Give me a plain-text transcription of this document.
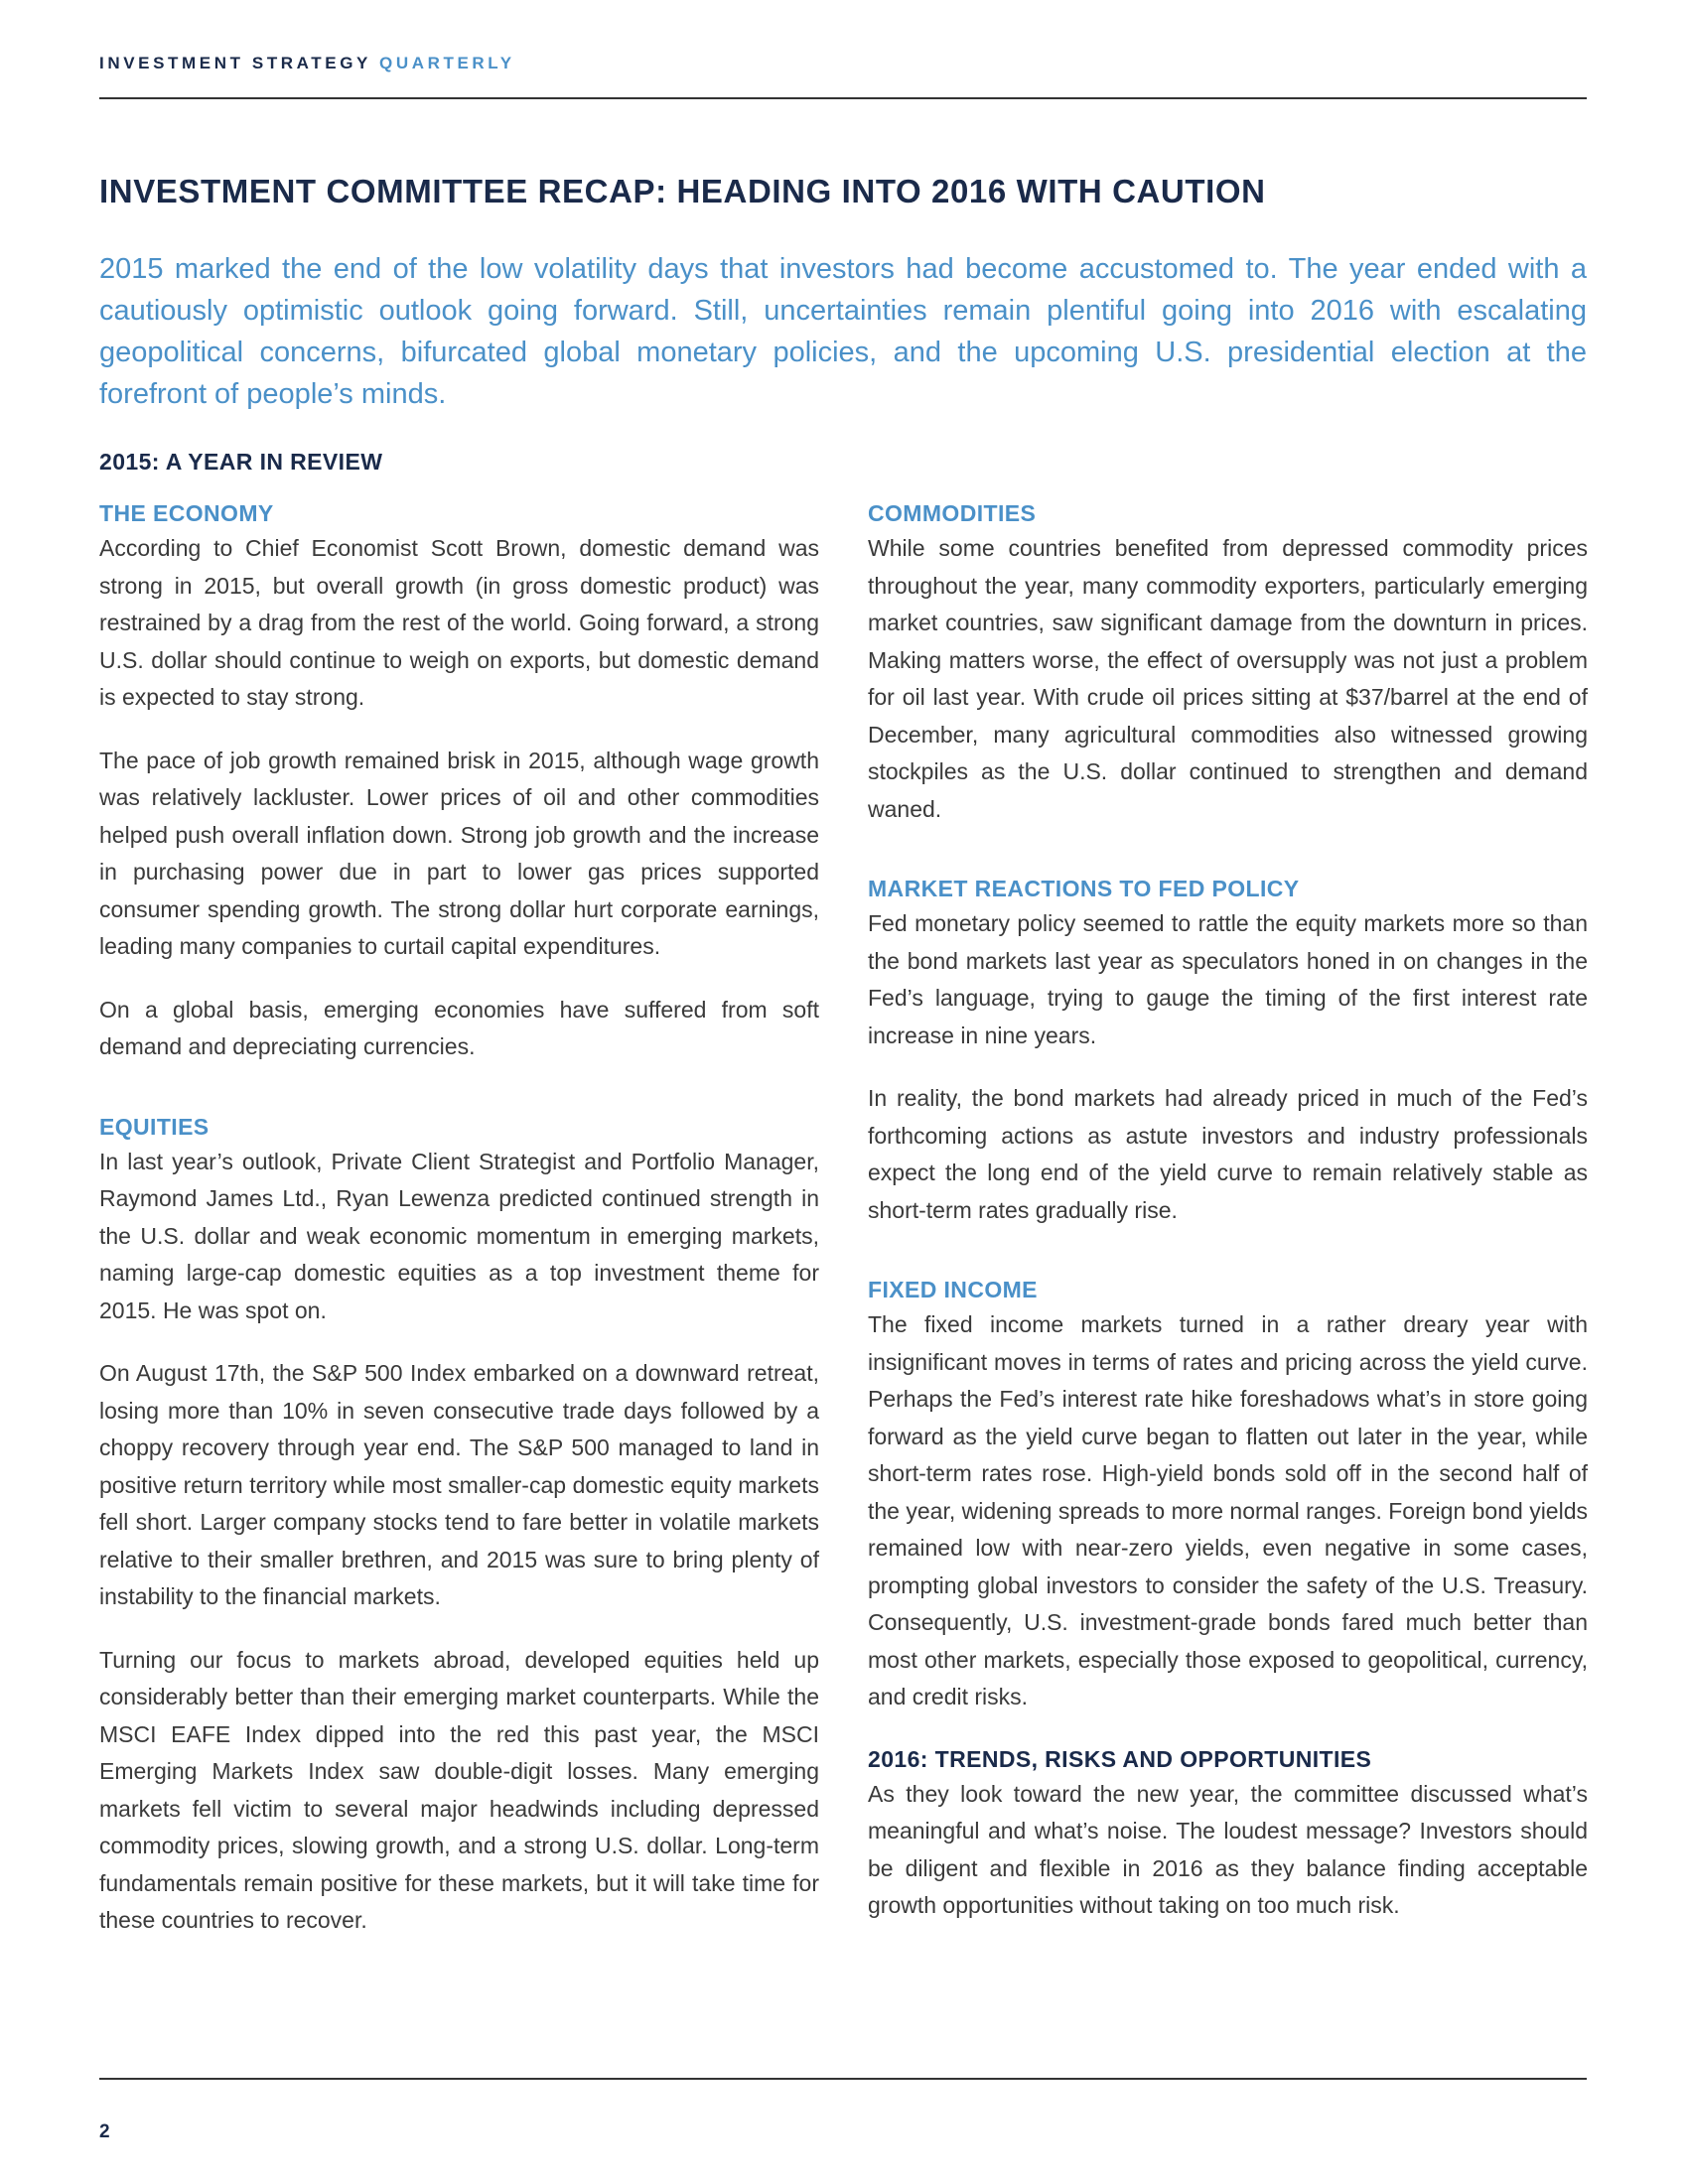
INVESTMENT STRATEGY QUARTERLY
INVESTMENT COMMITTEE RECAP: HEADING INTO 2016 WITH CAUTION

2015 marked the end of the low volatility days that investors had become accustomed to. The year ended with a cautiously optimistic outlook going forward. Still, uncertainties remain plentiful going into 2016 with escalating geopolitical concerns, bifurcated global monetary policies, and the upcoming U.S. presidential election at the forefront of people’s minds.

2015: A YEAR IN REVIEW
THE ECONOMY

According to Chief Economist Scott Brown, domestic demand was strong in 2015, but overall growth (in gross domestic product) was restrained by a drag from the rest of the world. Going forward, a strong U.S. dollar should continue to weigh on exports, but domestic demand is expected to stay strong.

The pace of job growth remained brisk in 2015, although wage growth was relatively lackluster. Lower prices of oil and other commodities helped push overall inflation down. Strong job growth and the increase in purchasing power due in part to lower gas prices supported consumer spending growth. The strong dollar hurt corporate earnings, leading many companies to curtail capital expenditures.

On a global basis, emerging economies have suffered from soft demand and depreciating currencies.

EQUITIES

In last year’s outlook, Private Client Strategist and Portfolio Manager, Raymond James Ltd., Ryan Lewenza predicted continued strength in the U.S. dollar and weak economic momentum in emerging markets, naming large-cap domestic equities as a top investment theme for 2015. He was spot on.

On August 17th, the S&P 500 Index embarked on a downward retreat, losing more than 10% in seven consecutive trade days followed by a choppy recovery through year end. The S&P 500 managed to land in positive return territory while most smaller-cap domestic equity markets fell short. Larger company stocks tend to fare better in volatile markets relative to their smaller brethren, and 2015 was sure to bring plenty of instability to the financial markets.

Turning our focus to markets abroad, developed equities held up considerably better than their emerging market counterparts. While the MSCI EAFE Index dipped into the red this past year, the MSCI Emerging Markets Index saw double-digit losses. Many emerging markets fell victim to several major headwinds including depressed commodity prices, slowing growth, and a strong U.S. dollar. Long-term fundamentals remain positive for these markets, but it will take time for these countries to recover.

COMMODITIES

While some countries benefited from depressed commodity prices throughout the year, many commodity exporters, particularly emerging market countries, saw significant damage from the downturn in prices. Making matters worse, the effect of oversupply was not just a problem for oil last year. With crude oil prices sitting at $37/barrel at the end of December, many agricultural commodities also witnessed growing stockpiles as the U.S. dollar continued to strengthen and demand waned.

MARKET REACTIONS TO FED POLICY

Fed monetary policy seemed to rattle the equity markets more so than the bond markets last year as speculators honed in on changes in the Fed’s language, trying to gauge the timing of the first interest rate increase in nine years.

In reality, the bond markets had already priced in much of the Fed’s forthcoming actions as astute investors and industry professionals expect the long end of the yield curve to remain relatively stable as short-term rates gradually rise.

FIXED INCOME

The fixed income markets turned in a rather dreary year with insignificant moves in terms of rates and pricing across the yield curve. Perhaps the Fed’s interest rate hike foreshadows what’s in store going forward as the yield curve began to flatten out later in the year, while short-term rates rose. High-yield bonds sold off in the second half of the year, widening spreads to more normal ranges. Foreign bond yields remained low with near-zero yields, even negative in some cases, prompting global investors to consider the safety of the U.S. Treasury. Consequently, U.S. investment-grade bonds fared much better than most other markets, especially those exposed to geopolitical, currency, and credit risks.

2016: TRENDS, RISKS AND OPPORTUNITIES

As they look toward the new year, the committee discussed what’s meaningful and what’s noise. The loudest message? Investors should be diligent and flexible in 2016 as they balance finding acceptable growth opportunities without taking on too much risk.

2
